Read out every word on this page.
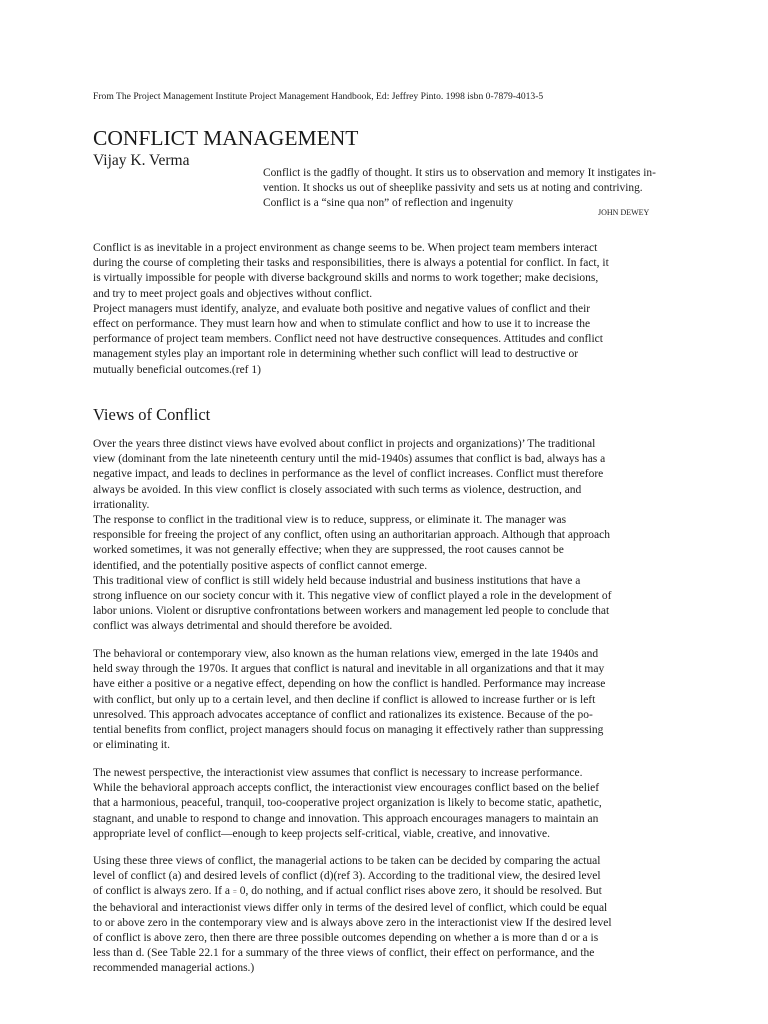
From The Project Management Institute Project Management Handbook, Ed: Jeffrey Pinto. 1998 isbn 0-7879-4013-5
CONFLICT MANAGEMENT
Vijay K. Verma
Conflict is the gadfly of thought. It stirs us to observation and memory It instigates in-
vention. It shocks us out of sheeplike passivity and sets us at noting and contriving.
Conflict is a “sine qua non” of reflection and ingenuity
JOHN DEWEY
Conflict is as inevitable in a project environment as change seems to be. When project team members interact
during the course of completing their tasks and responsibilities, there is always a potential for conflict. In fact, it
is virtually impossible for people with diverse background skills and norms to work together; make decisions,
and try to meet project goals and objectives without conflict.
Project managers must identify, analyze, and evaluate both positive and negative values of conflict and their
effect on performance. They must learn how and when to stimulate conflict and how to use it to increase the
performance of project team members. Conflict need not have destructive consequences. Attitudes and conflict
management styles play an important role in determining whether such conflict will lead to destructive or
mutually beneficial outcomes.(ref 1)
Views of Conflict
Over the years three distinct views have evolved about conflict in projects and organizations)’ The traditional
view (dominant from the late nineteenth century until the mid-1940s) assumes that conflict is bad, always has a
negative impact, and leads to declines in performance as the level of conflict increases. Conflict must therefore
always be avoided. In this view conflict is closely associated with such terms as violence, destruction, and
irrationality.
The response to conflict in the traditional view is to reduce, suppress, or eliminate it. The manager was
responsible for freeing the project of any conflict, often using an authoritarian approach. Although that approach
worked sometimes, it was not generally effective; when they are suppressed, the root causes cannot be
identified, and the potentially positive aspects of conflict cannot emerge.
This traditional view of conflict is still widely held because industrial and business institutions that have a
strong influence on our society concur with it. This negative view of conflict played a role in the development of
labor unions. Violent or disruptive confrontations between workers and management led people to conclude that
conflict was always detrimental and should therefore be avoided.
The behavioral or contemporary view, also known as the human relations view, emerged in the late 1940s and
held sway through the 1970s. It argues that conflict is natural and inevitable in all organizations and that it may
have either a positive or a negative effect, depending on how the conflict is handled. Performance may increase
with conflict, but only up to a certain level, and then decline if conflict is allowed to increase further or is left
unresolved. This approach advocates acceptance of conflict and rationalizes its existence. Because of the po-
tential benefits from conflict, project managers should focus on managing it effectively rather than suppressing
or eliminating it.
The newest perspective, the interactionist view assumes that conflict is necessary to increase performance.
While the behavioral approach accepts conflict, the interactionist view encourages conflict based on the belief
that a harmonious, peaceful, tranquil, too-cooperative project organization is likely to become static, apathetic,
stagnant, and unable to respond to change and innovation. This approach encourages managers to maintain an
appropriate level of conflict—enough to keep projects self-critical, viable, creative, and innovative.
Using these three views of conflict, the managerial actions to be taken can be decided by comparing the actual
level of conflict (a) and desired levels of conflict (d)(ref 3). According to the traditional view, the desired level
of conflict is always zero. If a = 0, do nothing, and if actual conflict rises above zero, it should be resolved. But
the behavioral and interactionist views differ only in terms of the desired level of conflict, which could be equal
to or above zero in the contemporary view and is always above zero in the interactionist view If the desired level
of conflict is above zero, then there are three possible outcomes depending on whether a is more than d or a is
less than d. (See Table 22.1 for a summary of the three views of conflict, their effect on performance, and the
recommended managerial actions.)
